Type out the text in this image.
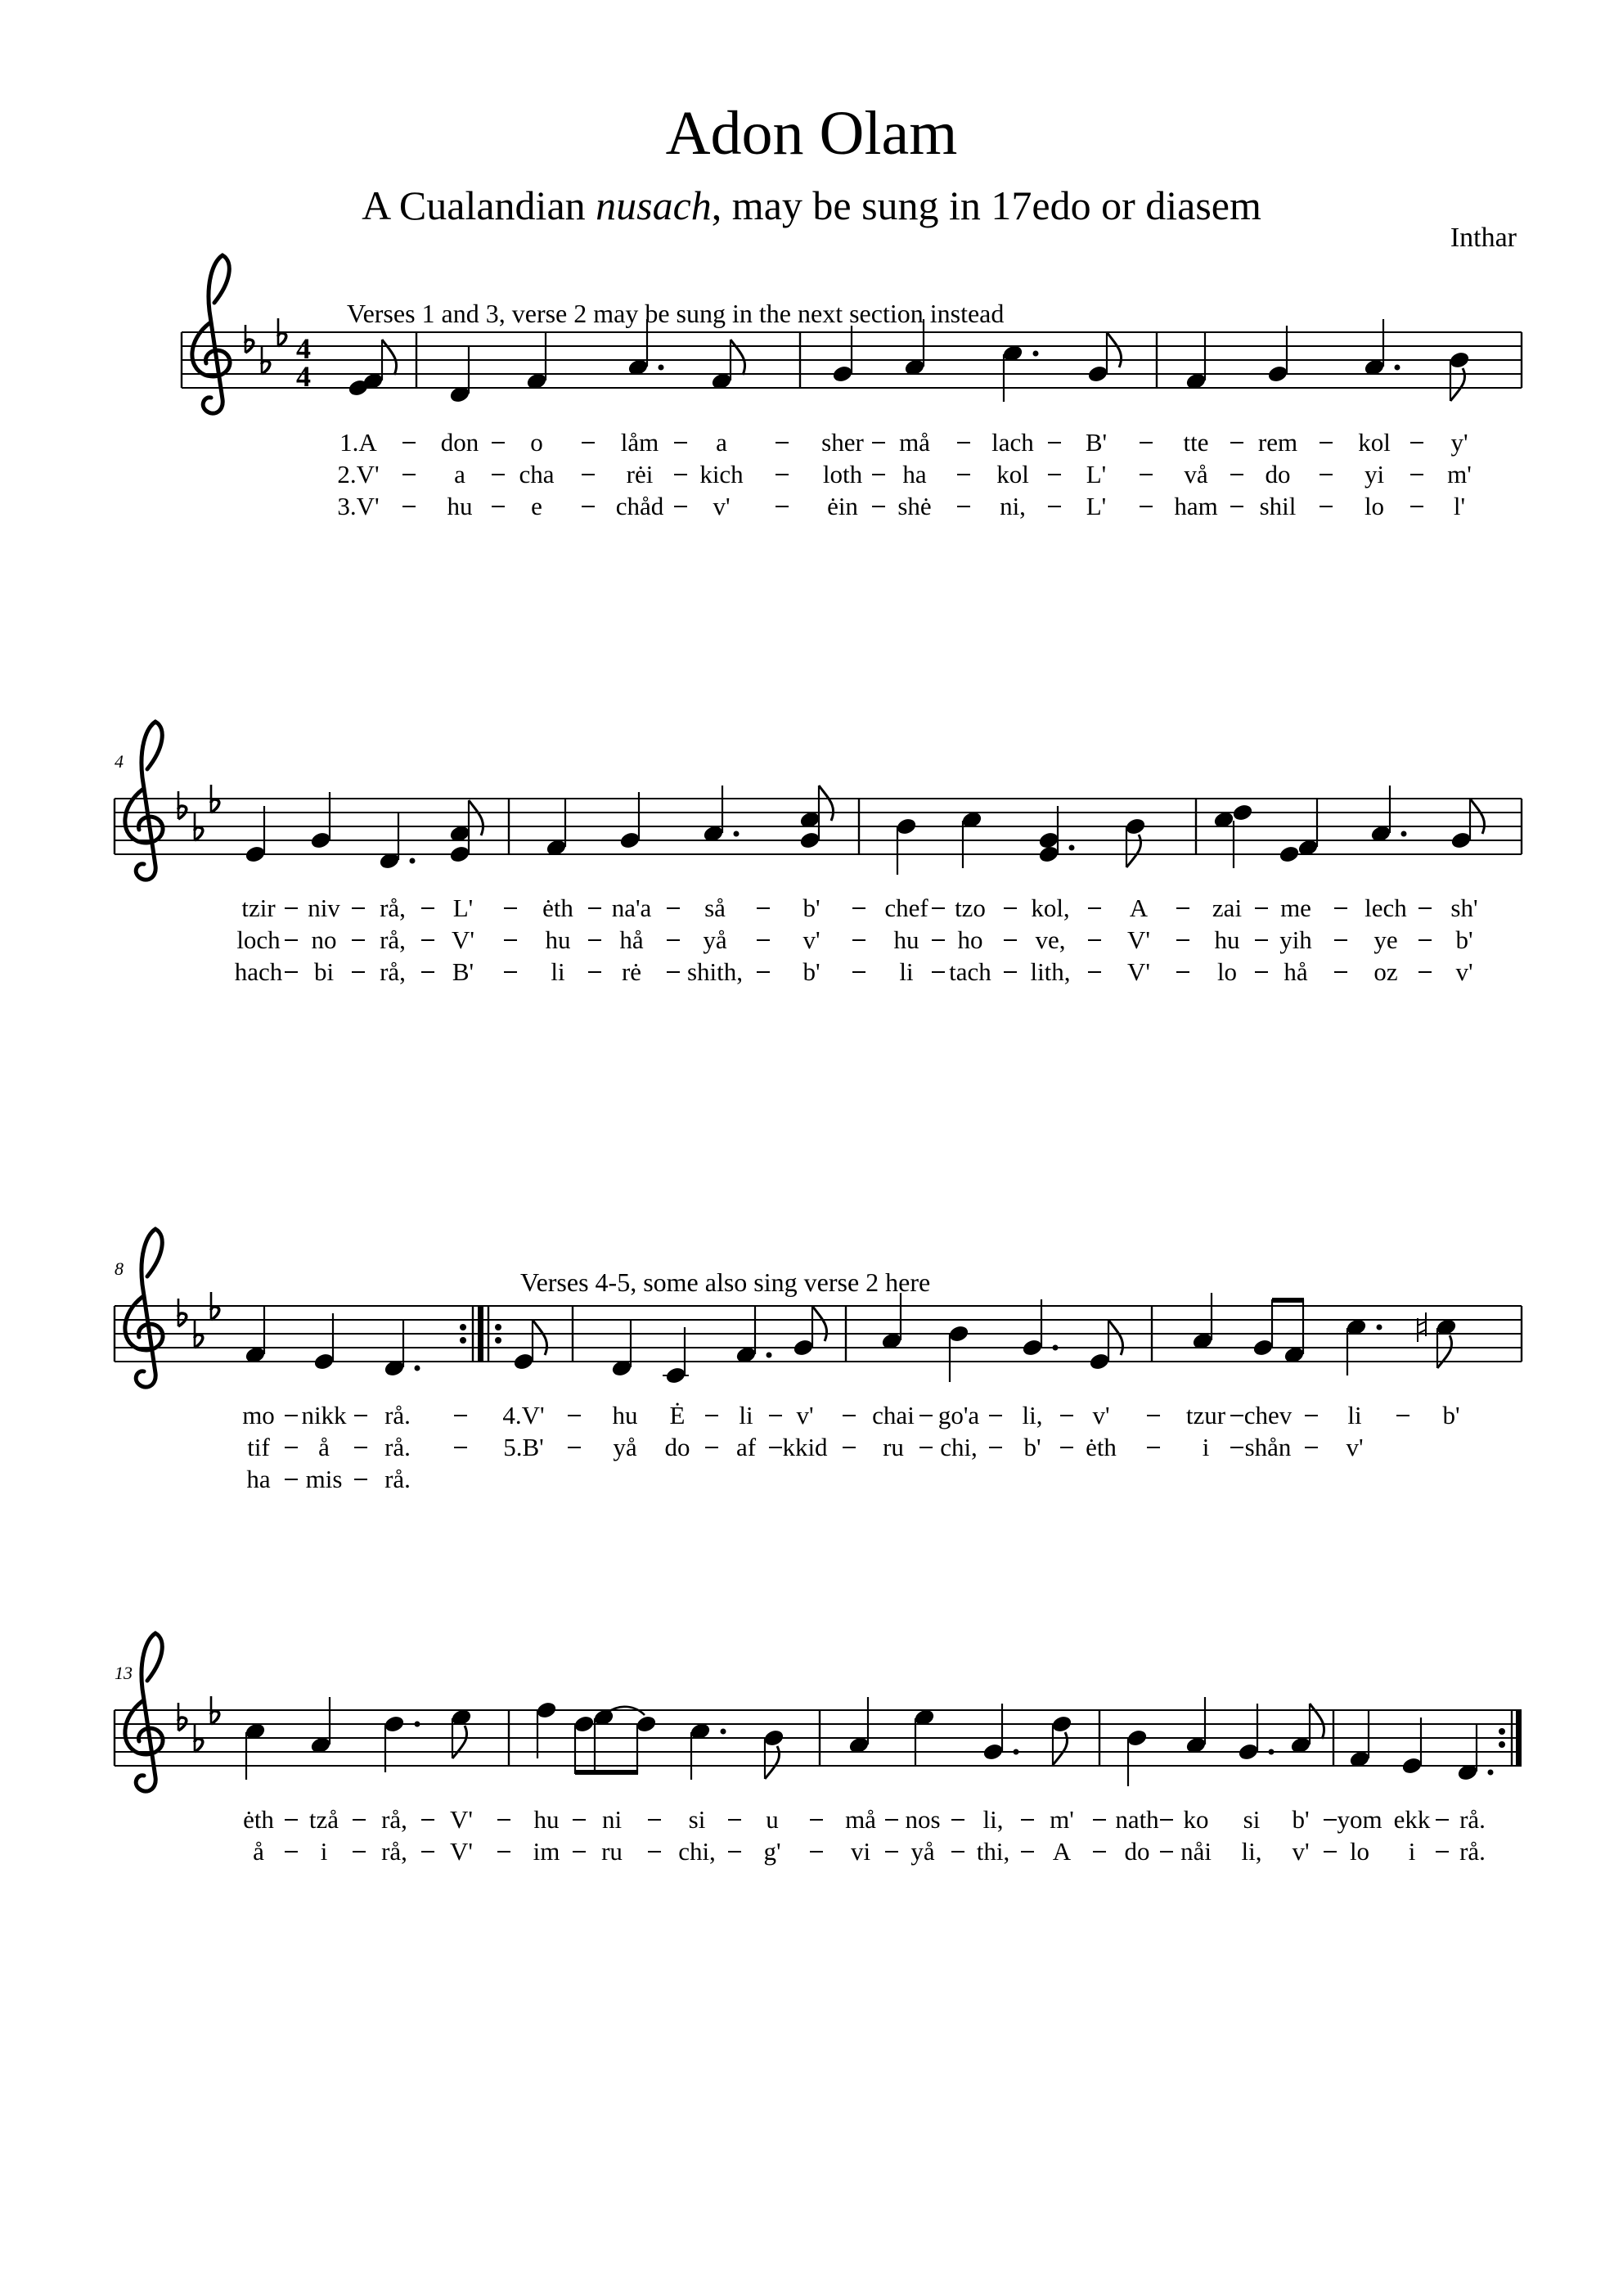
Adon Olam
A Cualandian nusach, may be sung in 17edo or diasem
Inthar
4
4
Verses 1 and 3, verse 2 may be sung in the next section instead
1.A	don o	låm a	sher må lach B'	tte rem kol y'
2.V'	a cha	rėi kich	loth ha	kol L'	vå do	yi m'
3.V'	hu e	chåd v'	ėin shė	ni, L'	ham shil	lo	l'
4
tzir niv rå, L'	ėth na'a så	b'	chef tzo kol, A	zai me lech sh'
loch no rå, V'	hu hå yå	v'	hu ho ve, V'	hu yih ye b'
hach bi rå, B'	li rė shith, b'	li tach lith, V'	lo hå	oz v'
8	Verses 4-5, some also sing verse 2 here
mo nikk rå.	4.V'	hu Ė li v' chai go'a li, v'	tzur chev li	b'
tif å rå.	5.B'	yå do af kkid ru chi, b' ėth	i shån v'
ha mis rå.
13
ėth tzå rå, V' hu ni	si u	må nos li, m' nath ko si b' yom ekk rå.
å i rå, V' im ru chi, g'	vi yå thi, A do nåi li, v' lo i rå.
